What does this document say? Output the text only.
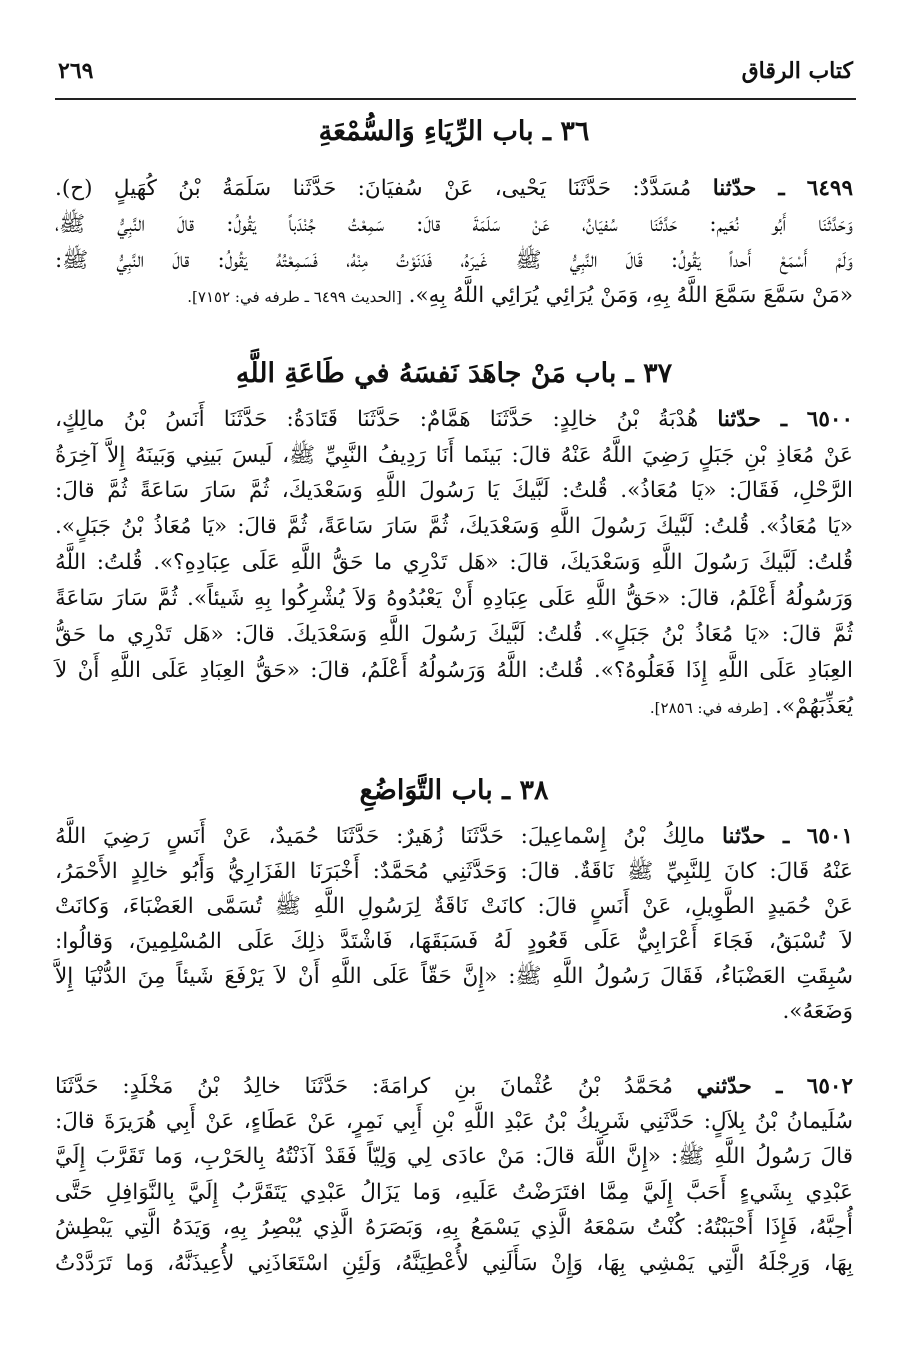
كتاب الرقاق
٢٦٩
٣٦ ـ باب الرِّيَاءِ وَالسُّمْعَةِ
٦٤٩٩ ـ حدّثنا مُسَدَّدٌ: حَدَّثَنَا يَحْيى، عَنْ سُفيَانَ: حَدَّثَنا سَلَمَةُ بْنُ كُهَيلٍ (ح).
وَحَدَّثَنَا أَبُو نُعَيم: حَدَّثَنَا سُفيَانُ، عَنْ سَلَمَةَ قالَ: سَمِعْتُ جُنْدَباً يَقُولُ: قالَ النَّبِيُّ ﷺ،
وَلَمْ أَسْمَعْ أَحداً يَقُولُ: قَالَ النَّبِيُّ ﷺ غَيرَهُ، فَدَنَوْتُ مِنْهُ، فَسَمِعْتُهُ يَقُولُ: قالَ النَّبِيُّ ﷺ:
«مَنْ سَمَّعَ سَمَّعَ اللَّهُ بِهِ، وَمَنْ يُرَائِي يُرَائِي اللَّهُ بِهِ». [الحديث ٦٤٩٩ ـ طرفه في: ٧١٥٢].
٣٧ ـ باب مَنْ جاهَدَ نَفسَهُ في طَاعَةِ اللَّهِ
٦٥٠٠ ـ حدّثنا هُدْبَةُ بْنُ خالِدٍ: حَدَّثَنَا هَمَّامٌ: حَدَّثَنَا قَتَادَةُ: حَدَّثَنَا أَنَسُ بْنُ مالِكٍ،
عَنْ مُعَاذِ بْنِ جَبَلٍ رَضِيَ اللَّهُ عَنْهُ قالَ: بَينَما أَنَا رَدِيفُ النَّبِيِّ ﷺ، لَيسَ بَينِي وَبَينَهُ إِلاَّ آخِرَةُ
الرَّحْلِ، فَقَالَ: «يَا مُعَاذُ». قُلتُ: لَبَّيكَ يَا رَسُولَ اللَّهِ وَسَعْدَيكَ، ثُمَّ سَارَ سَاعَةً ثُمَّ قالَ:
«يَا مُعَاذُ». قُلتُ: لَبَّيكَ رَسُولَ اللَّهِ وَسَعْدَيكَ، ثُمَّ سَارَ سَاعَةً، ثُمَّ قالَ: «يَا مُعَاذُ بْنُ جَبَلٍ».
قُلتُ: لَبَّيكَ رَسُولَ اللَّهِ وَسَعْدَيكَ، قالَ: «هَل تَدْرِي ما حَقُّ اللَّهِ عَلَى عِبَادِهِ؟». قُلتُ: اللَّهُ
وَرَسُولُهُ أَعْلَمُ، قالَ: «حَقُّ اللَّهِ عَلَى عِبَادِهِ أَنْ يَعْبُدُوهُ وَلاَ يُشْرِكُوا بِهِ شَيئاً». ثُمَّ سَارَ سَاعَةً
ثُمَّ قالَ: «يَا مُعَاذُ بْنُ جَبَلٍ». قُلتُ: لَبَّيكَ رَسُولَ اللَّهِ وَسَعْدَيكَ. قالَ: «هَل تَدْرِي ما حَقُّ
العِبَادِ عَلَى اللَّهِ إِذَا فَعَلُوهُ؟». قُلتُ: اللَّهُ وَرَسُولُهُ أَعْلَمُ، قالَ: «حَقُّ العِبَادِ عَلَى اللَّهِ أَنْ لاَ
يُعَذِّبَهُمْ». [طرفه في: ٢٨٥٦].
٣٨ ـ باب التَّوَاضُعِ
٦٥٠١ ـ حدّثنا مالِكُ بْنُ إِسْماعِيلَ: حَدَّثَنَا زُهَيرٌ: حَدَّثَنَا حُمَيدٌ، عَنْ أَنَسٍ رَضِيَ اللَّهُ
عَنْهُ قَالَ: كانَ لِلنَّبِيِّ ﷺ نَاقَةٌ. قالَ: وَحَدَّثَنِي مُحَمَّدٌ: أَخْبَرَنَا الفَزَارِيُّ وَأَبُو خالِدٍ الأَحْمَرُ،
عَنْ حُمَيدٍ الطَّوِيلِ، عَنْ أَنَسٍ قالَ: كانَتْ نَاقَةٌ لِرَسُولِ اللَّهِ ﷺ تُسَمَّى العَضْبَاءَ، وَكانَتْ
لاَ تُسْبَقُ، فَجَاءَ أَعْرَابِيٌّ عَلَى قَعُودٍ لَهُ فَسَبَقَهَا، فَاشْتَدَّ ذلِكَ عَلَى المُسْلِمِينَ، وَقالُوا:
سُبِقَتِ العَضْبَاءُ، فَقَالَ رَسُولُ اللَّهِ ﷺ: «إِنَّ حَقّاً عَلَى اللَّهِ أَنْ لاَ يَرْفَعَ شَيئاً مِنَ الدُّنْيَا إِلاَّ
وَضَعَهُ».
٦٥٠٢ ـ حدّثني مُحَمَّدُ بْنُ عُثْمانَ بنِ كرامَةَ: حَدَّثَنَا خالِدُ بْنُ مَخْلَدٍ: حَدَّثَنَا
سُلَيمانُ بْنُ بِلاَلٍ: حَدَّثَنِي شَرِيكُ بْنُ عَبْدِ اللَّهِ بْنِ أَبِي نَمِرٍ، عَنْ عَطَاءٍ، عَنْ أَبِي هُرَيرَةَ قالَ:
قالَ رَسُولُ اللَّهِ ﷺ: «إِنَّ اللَّهَ قالَ: مَنْ عادَى لِي وَلِيّاً فَقَدْ آذَنْتُهُ بِالحَرْبِ، وَما تَقَرَّبَ إِلَيَّ
عَبْدِي بِشَيءٍ أَحَبَّ إِلَيَّ مِمَّا افتَرَضْتُ عَلَيهِ، وَما يَزَالُ عَبْدِي يَتَقَرَّبُ إِلَيَّ بِالنَّوَافِلِ حَتَّى
أُحِبَّهُ، فَإِذَا أَحْبَبْتُهُ: كُنْتُ سَمْعَهُ الَّذِي يَسْمَعُ بِهِ، وَبَصَرَهُ الَّذِي يُبْصِرُ بِهِ، وَيَدَهُ الَّتِي يَبْطِشُ
بِهَا، وَرِجْلَهُ الَّتِي يَمْشِي بِهَا، وَإِنْ سَأَلَنِي لأُعْطِيَنَّهُ، وَلَئِنِ اسْتَعَاذَنِي لأُعِيذَنَّهُ، وَما تَرَدَّدْتُ
